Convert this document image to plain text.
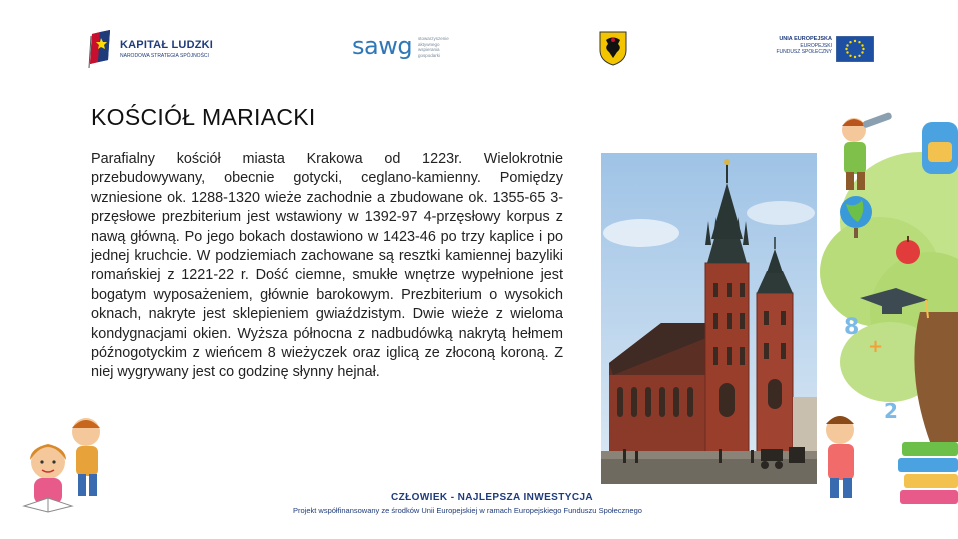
KAPITAŁ LUDZKI
NARODOWA STRATEGIA SPÓJNOŚCI	sawg stowarzyszenie aktywnego wspierania gospodarki
UNIA EUROPEJSKA
EUROPEJSKI
FUNDUSZ SPOŁECZNY
KOŚCIÓŁ MARIACKI

Parafialny kościół miasta Krakowa od 1223r. Wielokrotnie przebudowywany, obecnie gotycki, ceglano-kamienny. Pomiędzy wzniesione ok. 1288-1320 wieże zachodnie a zbudowane ok. 1355-65 3-przęsłowe prezbiterium jest wstawiony w 1392-97 4-przęsłowy korpus z nawą główną. Po jego bokach dostawiono w 1423-46 po trzy kaplice i po jednej kruchcie. W podziemiach zachowane są resztki kamiennej bazyliki romańskiej z 1221-22 r. Dość ciemne, smukłe wnętrze wypełnione jest bogatym wyposażeniem, głównie barokowym. Prezbiterium o wysokich oknach, nakryte jest sklepieniem gwiaździstym. Dwie wieże z wieloma kondygnacjami okien. Wyższa północna z nadbudówką nakrytą hełmem późnogotyckim z wieńcem 8 wieżyczek oraz iglicą ze złoconą koroną. Z niej wygrywany jest co godzinę słynny hejnał.

8
+
2
CZŁOWIEK - NAJLEPSZA INWESTYCJA
Projekt współfinansowany ze środków Unii Europejskiej w ramach Europejskiego Funduszu Społecznego
